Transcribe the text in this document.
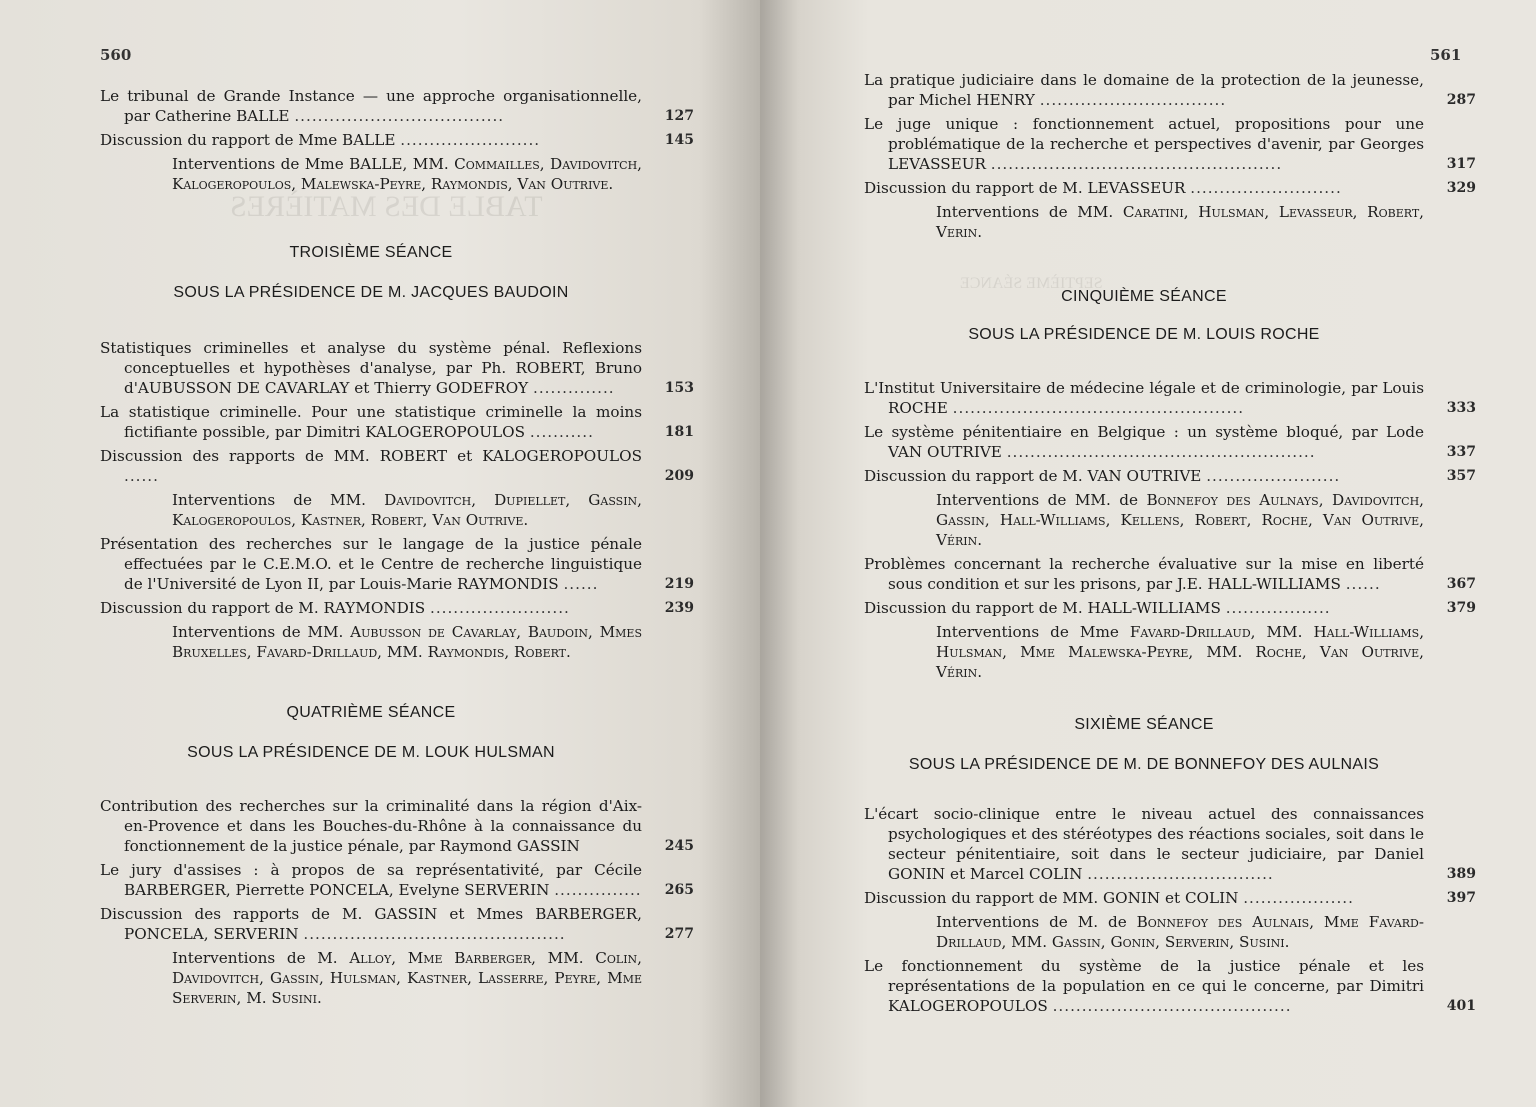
TABLE DES MATIÈRES
560
Le tribunal de Grande Instance — une approche organisationnelle, par Catherine BALLE ....................................	127
Discussion du rapport de Mme BALLE ........................	145
Interventions de Mme BALLE, MM. Commailles, Davidovitch, Kalogeropoulos, Malewska-Peyre, Raymondis, Van Outrive.
TROISIÈME SÉANCE
SOUS LA PRÉSIDENCE DE M. JACQUES BAUDOIN
Statistiques criminelles et analyse du système pénal. Reflexions conceptuelles et hypothèses d'analyse, par Ph. ROBERT, Bruno d'AUBUSSON DE CAVARLAY et Thierry GODEFROY ..............	153
La statistique criminelle. Pour une statistique criminelle la moins fictifiante possible, par Dimitri KALOGEROPOULOS ...........	181
Discussion des rapports de MM. ROBERT et KALOGEROPOULOS ......	209
Interventions de MM. Davidovitch, Dupiellet, Gassin, Kalogeropoulos, Kastner, Robert, Van Outrive.
Présentation des recherches sur le langage de la justice pénale effectuées par le C.E.M.O. et le Centre de recherche linguistique de l'Université de Lyon II, par Louis-Marie RAYMONDIS ......	219
Discussion du rapport de M. RAYMONDIS ........................	239
Interventions de MM. Aubusson de Cavarlay, Baudoin, Mmes Bruxelles, Favard-Drillaud, MM. Raymondis, Robert.
QUATRIÈME SÉANCE
SOUS LA PRÉSIDENCE DE M. LOUK HULSMAN
Contribution des recherches sur la criminalité dans la région d'Aix-en-Provence et dans les Bouches-du-Rhône à la connaissance du fonctionnement de la justice pénale, par Raymond GASSIN	245
Le jury d'assises : à propos de sa représentativité, par Cécile BARBERGER, Pierrette PONCELA, Evelyne SERVERIN ............... 265
Discussion des rapports de M. GASSIN et Mmes BARBERGER, PONCELA, SERVERIN .............................................	277
Interventions de M. Alloy, Mme Barberger, MM. Colin, Davidovitch, Gassin, Hulsman, Kastner, Lasserre, Peyre, Mme Serverin, M. Susini.
SEPTIÈME SÉANCE
561
La pratique judiciaire dans le domaine de la protection de la jeunesse, par Michel HENRY ................................	287
Le juge unique : fonctionnement actuel, propositions pour une problématique de la recherche et perspectives d'avenir, par Georges LEVASSEUR ..................................................	317
Discussion du rapport de M. LEVASSEUR ..........................	329
Interventions de MM. Caratini, Hulsman, Levasseur, Robert, Verin.
CINQUIÈME SÉANCE
SOUS LA PRÉSIDENCE DE M. LOUIS ROCHE
L'Institut Universitaire de médecine légale et de criminologie, par Louis ROCHE ..................................................	333
Le système pénitentiaire en Belgique : un système bloqué, par Lode VAN OUTRIVE .....................................................	337
Discussion du rapport de M. VAN OUTRIVE .......................	357
Interventions de MM. de Bonnefoy des Aulnays, Davidovitch, Gassin, Hall-Williams, Kellens, Robert, Roche, Van Outrive, Vérin.
Problèmes concernant la recherche évaluative sur la mise en liberté sous condition et sur les prisons, par J.E. HALL-WILLIAMS ......	367
Discussion du rapport de M. HALL-WILLIAMS ..................	379
Interventions de Mme Favard-Drillaud, MM. Hall-Williams, Hulsman, Mme Malewska-Peyre, MM. Roche, Van Outrive, Vérin.
SIXIÈME SÉANCE
SOUS LA PRÉSIDENCE DE M. DE BONNEFOY DES AULNAIS
L'écart socio-clinique entre le niveau actuel des connaissances psychologiques et des stéréotypes des réactions sociales, soit dans le secteur pénitentiaire, soit dans le secteur judiciaire, par Daniel GONIN et Marcel COLIN ................................	389
Discussion du rapport de MM. GONIN et COLIN ...................	397
Interventions de M. de Bonnefoy des Aulnais, Mme Favard-Drillaud, MM. Gassin, Gonin, Serverin, Susini.
Le fonctionnement du système de la justice pénale et les représentations de la population en ce qui le concerne, par Dimitri KALOGEROPOULOS .........................................	401
